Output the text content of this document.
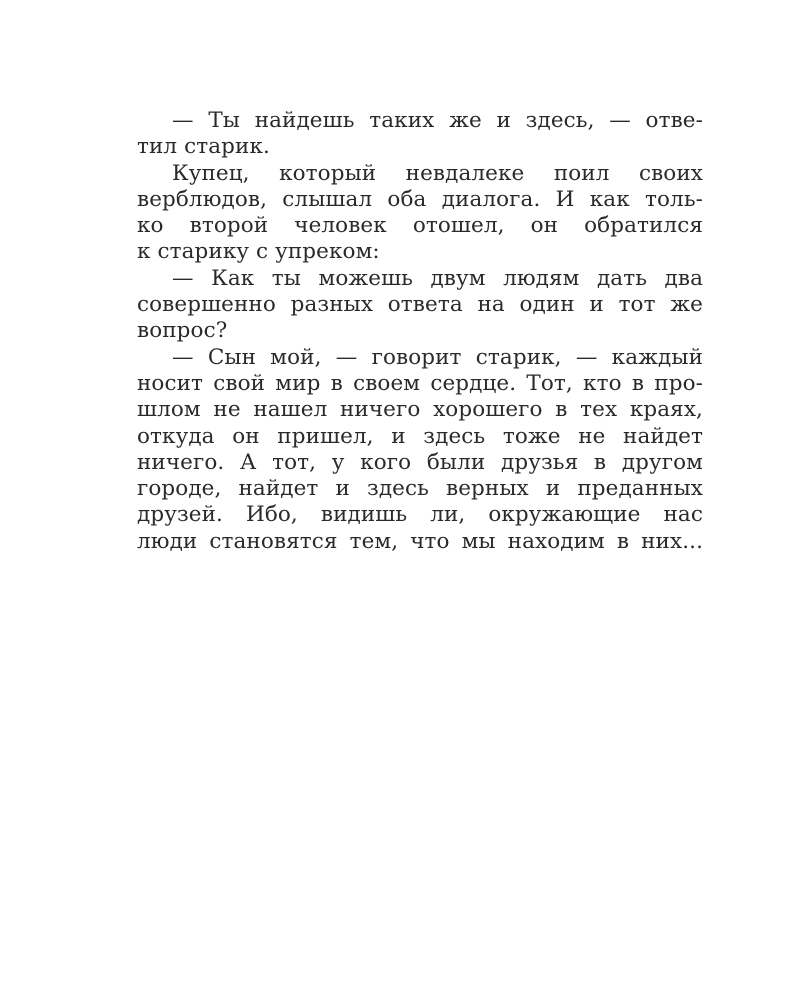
— Ты найдешь таких же и здесь, — отве-
тил старик.
Купец, который невдалеке поил своих
верблюдов, слышал оба диалога. И как толь-
ко второй человек отошел, он обратился
к старику с упреком:
— Как ты можешь двум людям дать два
совершенно разных ответа на один и тот же
вопрос?
— Сын мой, — говорит старик, — каждый
носит свой мир в своем сердце. Тот, кто в про-
шлом не нашел ничего хорошего в тех краях,
откуда он пришел, и здесь тоже не найдет
ничего. А тот, у кого были друзья в другом
городе, найдет и здесь верных и преданных
друзей. Ибо, видишь ли, окружающие нас
люди становятся тем, что мы находим в них...
